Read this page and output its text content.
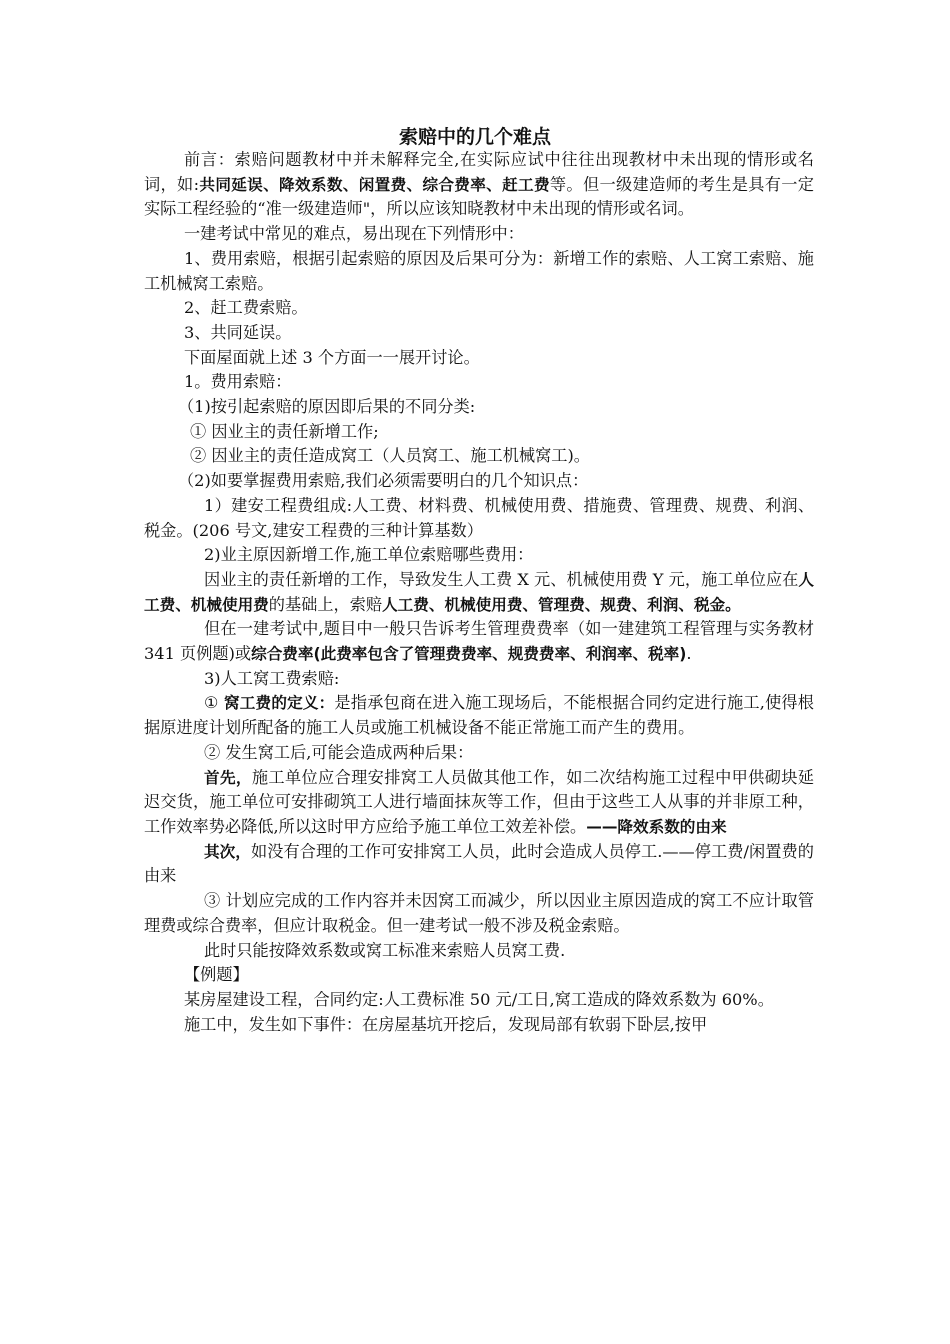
索赔中的几个难点

前言：索赔问题教材中并未解释完全,在实际应试中往往出现教材中未出现的情形或名词，如:共同延误、降效系数、闲置费、综合费率、赶工费等。但一级建造师的考生是具有一定实际工程经验的“准一级建造师"，所以应该知晓教材中未出现的情形或名词。

一建考试中常见的难点，易出现在下列情形中：

1、费用索赔，根据引起索赔的原因及后果可分为：新增工作的索赔、人工窝工索赔、施工机械窝工索赔。

2、赶工费索赔。

3、共同延误。

下面屋面就上述 3 个方面一一展开讨论。

1。费用索赔：

（1)按引起索赔的原因即后果的不同分类:

① 因业主的责任新增工作;

② 因业主的责任造成窝工（人员窝工、施工机械窝工)。

（2)如要掌握费用索赔,我们必须需要明白的几个知识点：

1）建安工程费组成:人工费、材料费、机械使用费、措施费、管理费、规费、利润、税金。(206 号文,建安工程费的三种计算基数）

2)业主原因新增工作,施工单位索赔哪些费用：

因业主的责任新增的工作，导致发生人工费 X 元、机械使用费 Y 元，施工单位应在人工费、机械使用费的基础上，索赔人工费、机械使用费、管理费、规费、利润、税金。

但在一建考试中,题目中一般只告诉考生管理费费率（如一建建筑工程管理与实务教材 341 页例题)或综合费率(此费率包含了管理费费率、规费费率、利润率、税率).

3)人工窝工费索赔:

① 窝工费的定义：是指承包商在进入施工现场后，不能根据合同约定进行施工,使得根据原进度计划所配备的施工人员或施工机械设备不能正常施工而产生的费用。

② 发生窝工后,可能会造成两种后果：

首先，施工单位应合理安排窝工人员做其他工作，如二次结构施工过程中甲供砌块延迟交货，施工单位可安排砌筑工人进行墙面抹灰等工作，但由于这些工人从事的并非原工种，工作效率势必降低,所以这时甲方应给予施工单位工效差补偿。——降效系数的由来

其次，如没有合理的工作可安排窝工人员，此时会造成人员停工.——停工费/闲置费的由来

③ 计划应完成的工作内容并未因窝工而减少，所以因业主原因造成的窝工不应计取管理费或综合费率，但应计取税金。但一建考试一般不涉及税金索赔。

此时只能按降效系数或窝工标准来索赔人员窝工费.

【例题】

某房屋建设工程，合同约定:人工费标准 50 元/工日,窝工造成的降效系数为 60%。

施工中，发生如下事件：在房屋基坑开挖后，发现局部有软弱下卧层,按甲
